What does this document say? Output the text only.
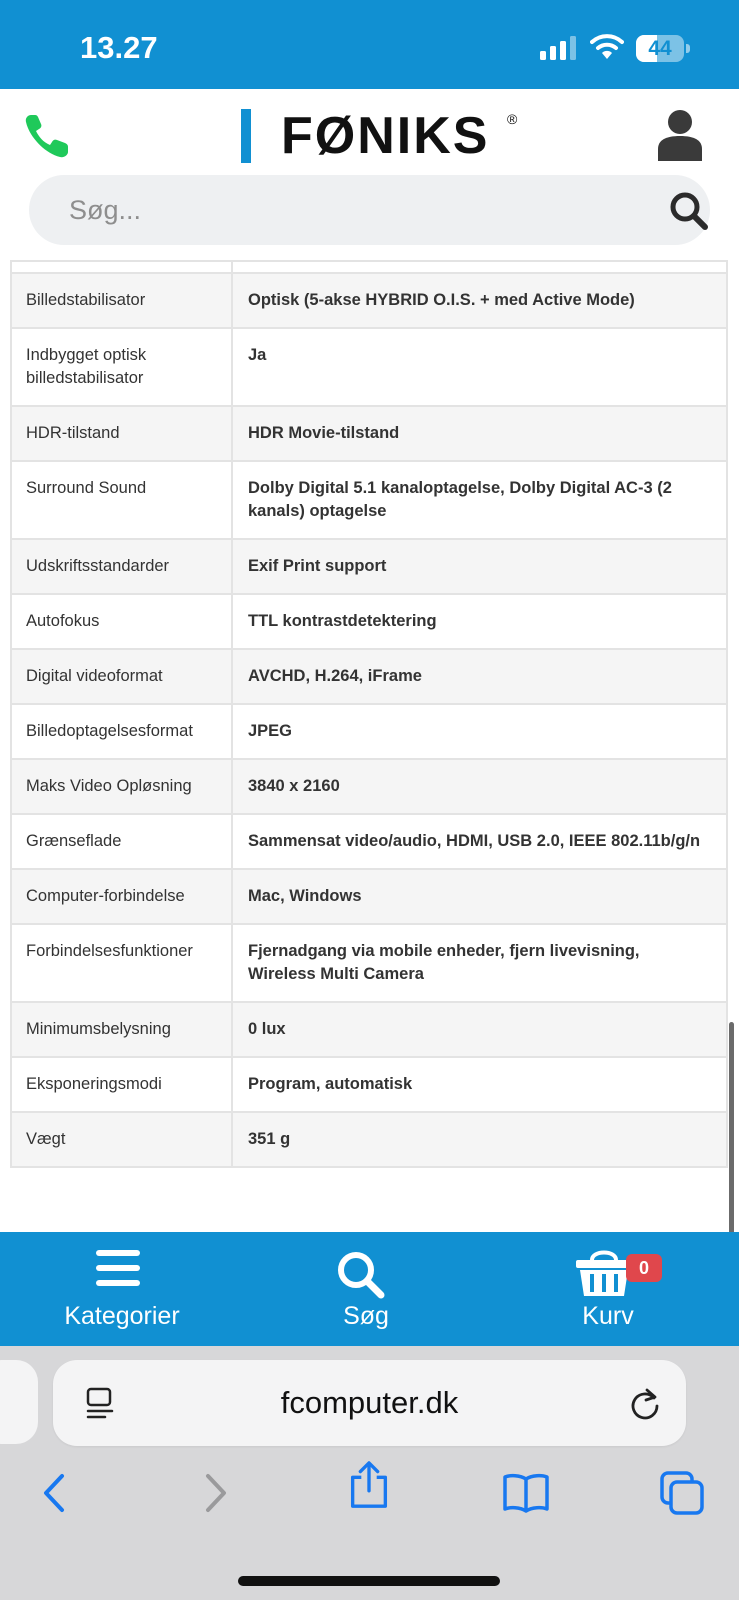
13.27	44
FØNIKS ®
Søg...

Billedstabilisator	Optisk (5-akse HYBRID O.I.S. + med Active Mode)
Indbygget optisk billedstabilisator	Ja
HDR-tilstand	HDR Movie-tilstand
Surround Sound	Dolby Digital 5.1 kanaloptagelse, Dolby Digital AC-3 (2 kanals) optagelse
Udskriftsstandarder	Exif Print support
Autofokus	TTL kontrastdetektering
Digital videoformat	AVCHD, H.264, iFrame
Billedoptagelsesformat	JPEG
Maks Video Opløsning	3840 x 2160
Grænseflade	Sammensat video/audio, HDMI, USB 2.0, IEEE 802.11b/g/n
Computer-forbindelse	Mac, Windows
Forbindelsesfunktioner	Fjernadgang via mobile enheder, fjern livevisning, Wireless Multi Camera
Minimumsbelysning	0 lux
Eksponeringsmodi	Program, automatisk
Vægt	351 g
Kategorier	Søg	Kurv
0
fcomputer.dk
